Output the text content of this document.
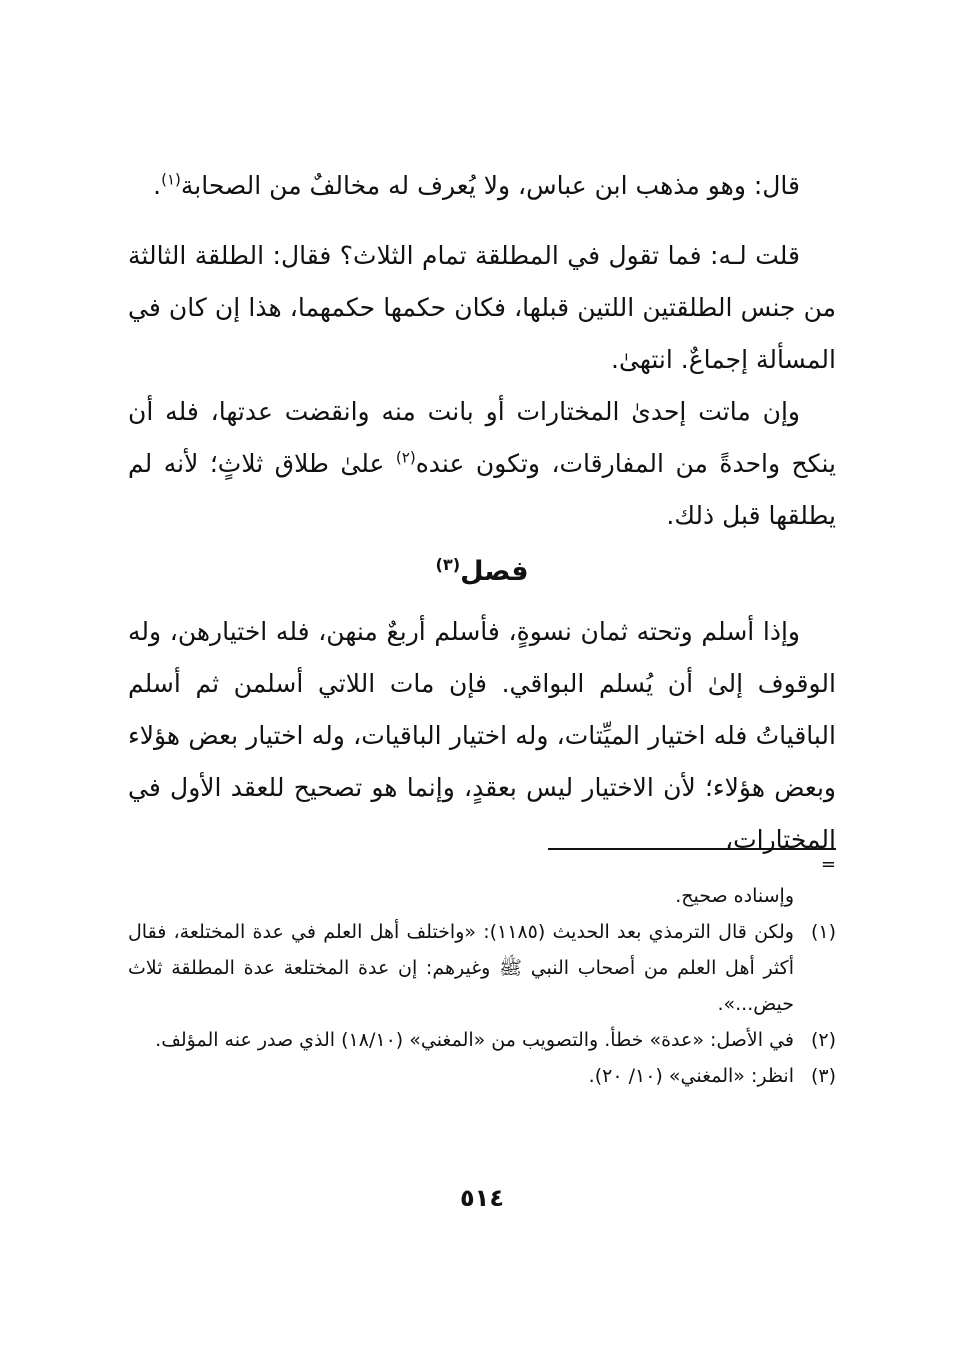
قال: وهو مذهب ابن عباس، ولا يُعرف له مخالفٌ من الصحابة$^{(١)}$.

قلت لـه: فما تقول في المطلقة تمام الثلاث؟ فقال: الطلقة الثالثة من جنس الطلقتين اللتين قبلها، فكان حكمها حكمهما، هذا إن كان في المسألة إجماعٌ. انتهىٰ.

وإن ماتت إحدىٰ المختارات أو بانت منه وانقضت عدتها، فله أن ينكح واحدةً من المفارقات، وتكون عنده$^{(٢)}$ علىٰ طلاق ثلاثٍ؛ لأنه لم يطلقها قبل ذلك.

فصل$^{(٣)}$

وإذا أسلم وتحته ثمان نسوةٍ، فأسلم أربعٌ منهن، فله اختيارهن، وله الوقوف إلىٰ أن يُسلم البواقي. فإن مات اللاتي أسلمن ثم أسلم الباقياتُ فله اختيار الميِّتات، وله اختيار الباقيات، وله اختيار بعض هؤلاء وبعض هؤلاء؛ لأن الاختيار ليس بعقدٍ، وإنما هو تصحيح للعقد الأول في المختارات،

=
وإسناده صحيح.

(١)
ولكن قال الترمذي بعد الحديث (١١٨٥): «واختلف أهل العلم في عدة المختلعة، فقال أكثر أهل العلم من أصحاب النبي ﷺ وغيرهم: إن عدة المختلعة عدة المطلقة ثلاث حيض...».
(٢)
في الأصل: «عدة» خطأ. والتصويب من «المغني» (١٨/١٠) الذي صدر عنه المؤلف.
(٣)
انظر: «المغني» (١٠/ ٢٠).
٥١٤
